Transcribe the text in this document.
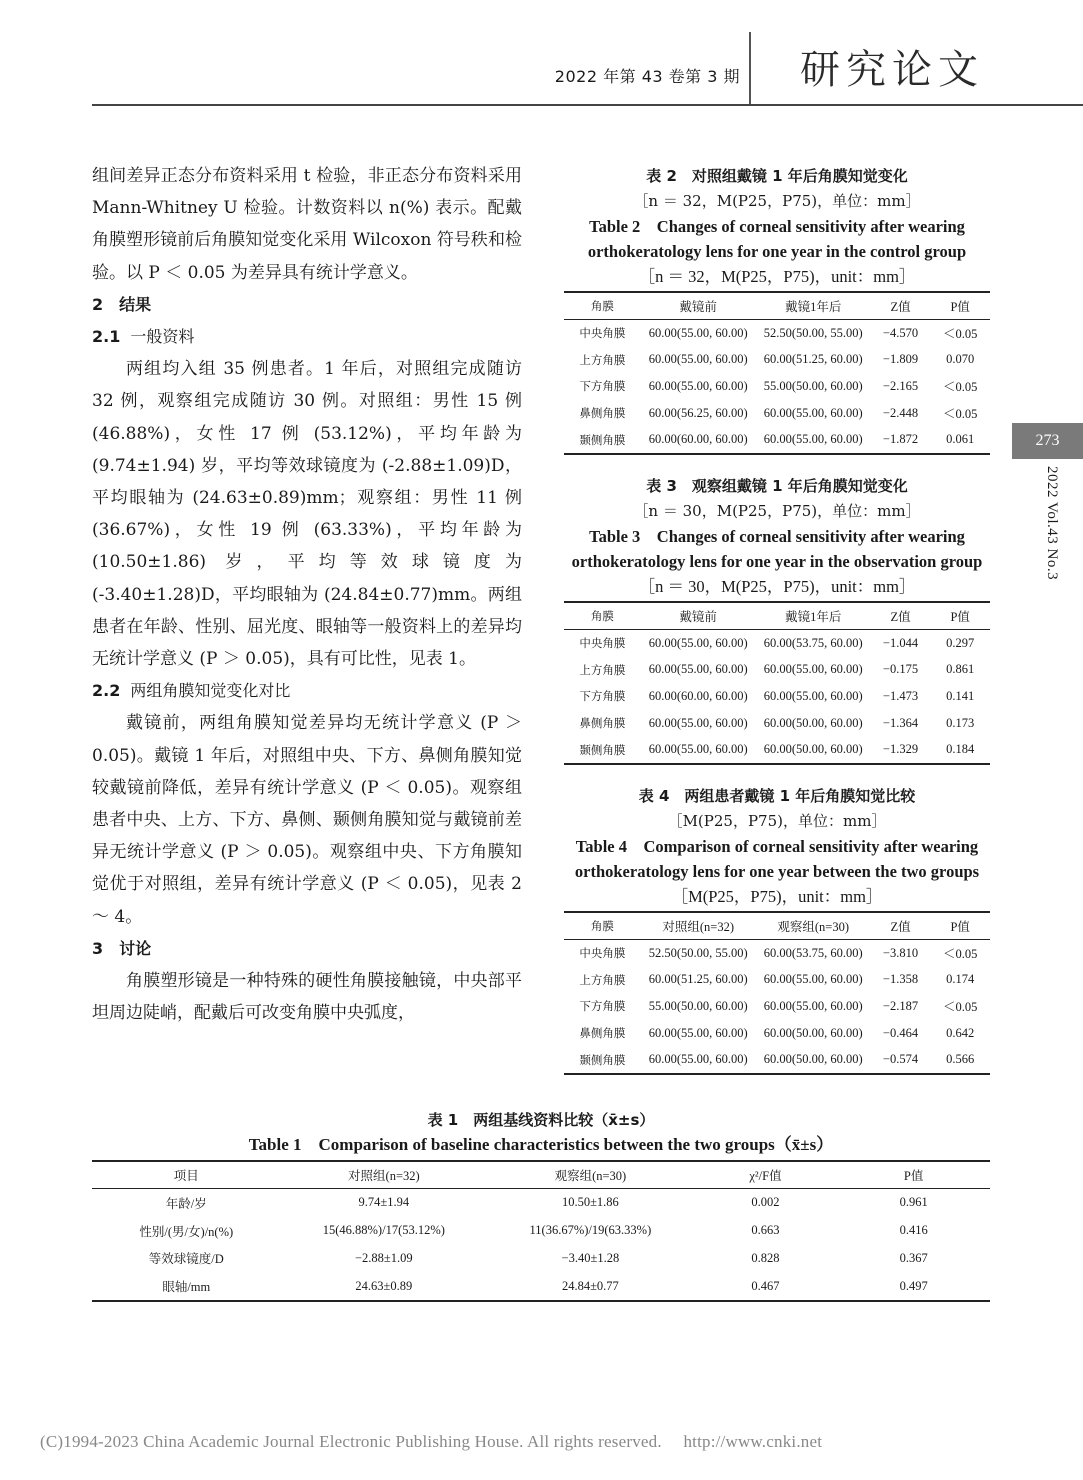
2022 年第 43 卷第 3 期 研究论文
273
2022 Vol.43 No.3

组间差异正态分布资料采用 t 检验，非正态分布资料采用 Mann-Whitney U 检验。计数资料以 n(%) 表示。配戴角膜塑形镜前后角膜知觉变化采用 Wilcoxon 符号秩和检验。以 P ＜ 0.05 为差异具有统计学意义。

2　 结果

2.1 一般资料

两组均入组 35 例患者。1 年后，对照组完成随访 32 例，观察组完成随访 30 例。对照组：男性 15 例 (46.88%)，女性 17 例 (53.12%)，平均年龄为 (9.74±1.94) 岁，平均等效球镜度为 (-2.88±1.09)D，平均眼轴为 (24.63±0.89)mm；观察组：男性 11 例 (36.67%)，女性 19 例 (63.33%)，平均年龄为 (10.50±1.86) 岁，平均等效球镜度为 (-3.40±1.28)D，平均眼轴为 (24.84±0.77)mm。两组患者在年龄、性别、屈光度、眼轴等一般资料上的差异均无统计学意义 (P ＞ 0.05)，具有可比性，见表 1。

2.2 两组角膜知觉变化对比

戴镜前，两组角膜知觉差异均无统计学意义 (P ＞ 0.05)。戴镜 1 年后，对照组中央、下方、鼻侧角膜知觉较戴镜前降低，差异有统计学意义 (P ＜ 0.05)。观察组患者中央、上方、下方、鼻侧、颞侧角膜知觉与戴镜前差异无统计学意义 (P ＞ 0.05)。观察组中央、下方角膜知觉优于对照组，差异有统计学意义 (P ＜ 0.05)，见表 2 ～ 4。

3　 讨论

角膜塑形镜是一种特殊的硬性角膜接触镜，中央部平坦周边陡峭，配戴后可改变角膜中央弧度，

表 2　对照组戴镜 1 年后角膜知觉变化
［n ＝ 32，M(P25，P75)，单位：mm］
Table 2　Changes of corneal sensitivity after wearing orthokeratology lens for one year in the control group
［n ＝ 32，M(P25，P75)，unit：mm］
角膜	戴镜前	戴镜1年后	Z值	P值
中央角膜	60.00(55.00, 60.00)	52.50(50.00, 55.00)	−4.570	＜0.05
上方角膜	60.00(55.00, 60.00)	60.00(51.25, 60.00)	−1.809	0.070
下方角膜	60.00(55.00, 60.00)	55.00(50.00, 60.00)	−2.165	＜0.05
鼻侧角膜	60.00(56.25, 60.00)	60.00(55.00, 60.00)	−2.448	＜0.05
颞侧角膜	60.00(60.00, 60.00)	60.00(55.00, 60.00)	−1.872	0.061
表 3　观察组戴镜 1 年后角膜知觉变化
［n ＝ 30，M(P25，P75)，单位：mm］
Table 3　Changes of corneal sensitivity after wearing orthokeratology lens for one year in the observation group
［n ＝ 30，M(P25，P75)，unit：mm］
角膜	戴镜前	戴镜1年后	Z值	P值
中央角膜	60.00(55.00, 60.00)	60.00(53.75, 60.00)	−1.044	0.297
上方角膜	60.00(55.00, 60.00)	60.00(55.00, 60.00)	−0.175	0.861
下方角膜	60.00(60.00, 60.00)	60.00(55.00, 60.00)	−1.473	0.141
鼻侧角膜	60.00(55.00, 60.00)	60.00(50.00, 60.00)	−1.364	0.173
颞侧角膜	60.00(55.00, 60.00)	60.00(50.00, 60.00)	−1.329	0.184
表 4　两组患者戴镜 1 年后角膜知觉比较
［M(P25，P75)，单位：mm］
Table 4　Comparison of corneal sensitivity after wearing orthokeratology lens for one year between the two groups
［M(P25，P75)，unit：mm］
角膜	对照组(n=32)	观察组(n=30)	Z值	P值
中央角膜	52.50(50.00, 55.00)	60.00(53.75, 60.00)	−3.810	＜0.05
上方角膜	60.00(51.25, 60.00)	60.00(55.00, 60.00)	−1.358	0.174
下方角膜	55.00(50.00, 60.00)	60.00(55.00, 60.00)	−2.187	＜0.05
鼻侧角膜	60.00(55.00, 60.00)	60.00(50.00, 60.00)	−0.464	0.642
颞侧角膜	60.00(55.00, 60.00)	60.00(50.00, 60.00)	−0.574	0.566
表 1　两组基线资料比较（x̄±s）
Table 1　Comparison of baseline characteristics between the two groups（x̄±s）
项目	对照组(n=32)	观察组(n=30)	χ²/F值	P值
年龄/岁	9.74±1.94	10.50±1.86	0.002	0.961
性别/(男/女)/n(%)	15(46.88%)/17(53.12%)	11(36.67%)/19(63.33%)	0.663	0.416
等效球镜度/D	−2.88±1.09	−3.40±1.28	0.828	0.367
眼轴/mm	24.63±0.89	24.84±0.77	0.467	0.497
(C)1994-2023 China Academic Journal Electronic Publishing House. All rights reserved.　 http://www.cnki.net
